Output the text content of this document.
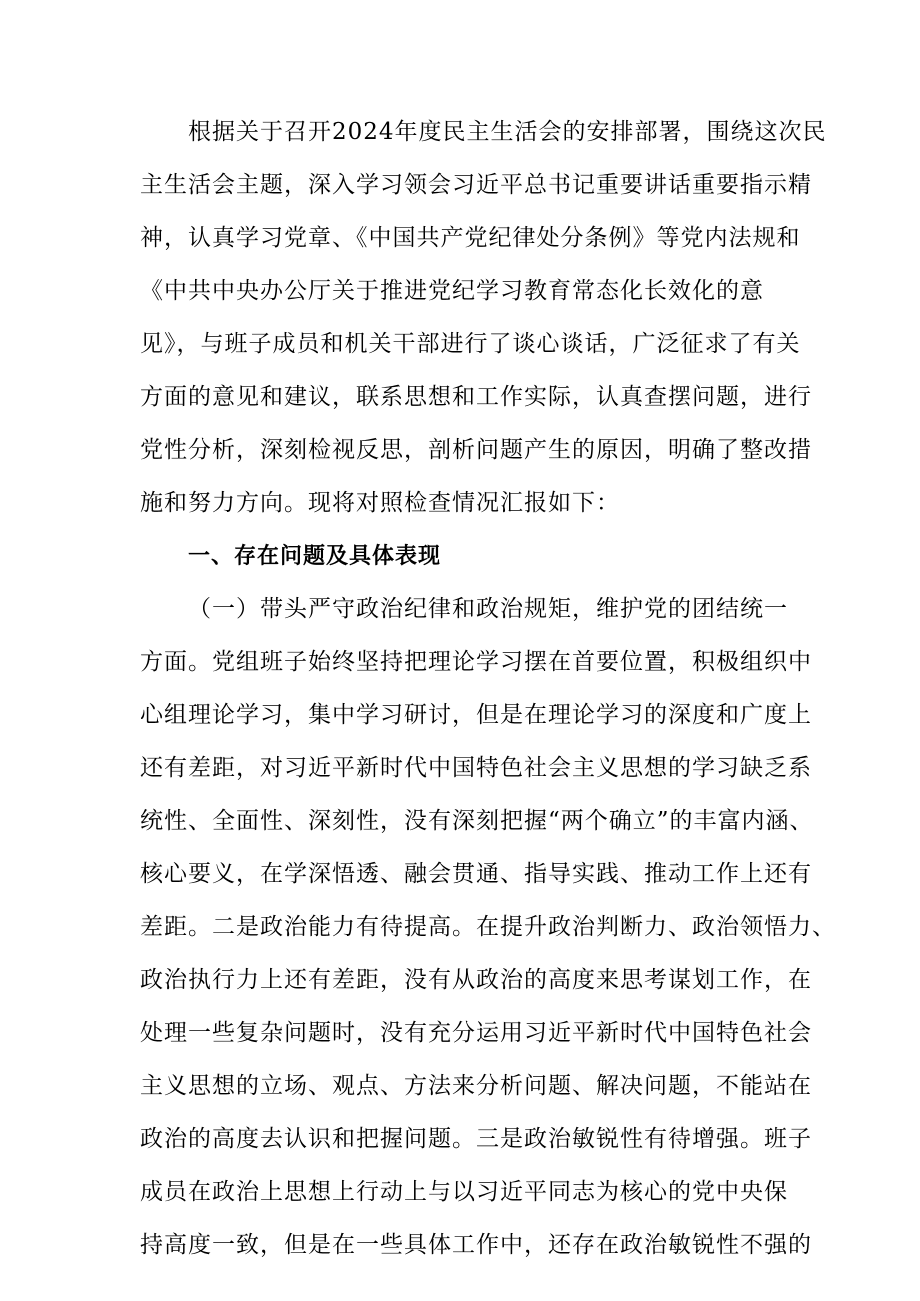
根据关于召开2024年度民主生活会的安排部署，围绕这次民
主生活会主题，深入学习领会习近平总书记重要讲话重要指示精
神，认真学习党章、《中国共产党纪律处分条例》等党内法规和
《中共中央办公厅关于推进党纪学习教育常态化长效化的意
见》，与班子成员和机关干部进行了谈心谈话，广泛征求了有关
方面的意见和建议，联系思想和工作实际，认真查摆问题，进行
党性分析，深刻检视反思，剖析问题产生的原因，明确了整改措
施和努力方向。现将对照检查情况汇报如下：
一、存在问题及具体表现
（一）带头严守政治纪律和政治规矩，维护党的团结统一
方面。党组班子始终坚持把理论学习摆在首要位置，积极组织中
心组理论学习，集中学习研讨，但是在理论学习的深度和广度上
还有差距，对习近平新时代中国特色社会主义思想的学习缺乏系
统性、全面性、深刻性，没有深刻把握“两个确立”的丰富内涵、
核心要义，在学深悟透、融会贯通、指导实践、推动工作上还有
差距。二是政治能力有待提高。在提升政治判断力、政治领悟力、
政治执行力上还有差距，没有从政治的高度来思考谋划工作，在
处理一些复杂问题时，没有充分运用习近平新时代中国特色社会
主义思想的立场、观点、方法来分析问题、解决问题，不能站在
政治的高度去认识和把握问题。三是政治敏锐性有待增强。班子
成员在政治上思想上行动上与以习近平同志为核心的党中央保
持高度一致，但是在一些具体工作中，还存在政治敏锐性不强的
